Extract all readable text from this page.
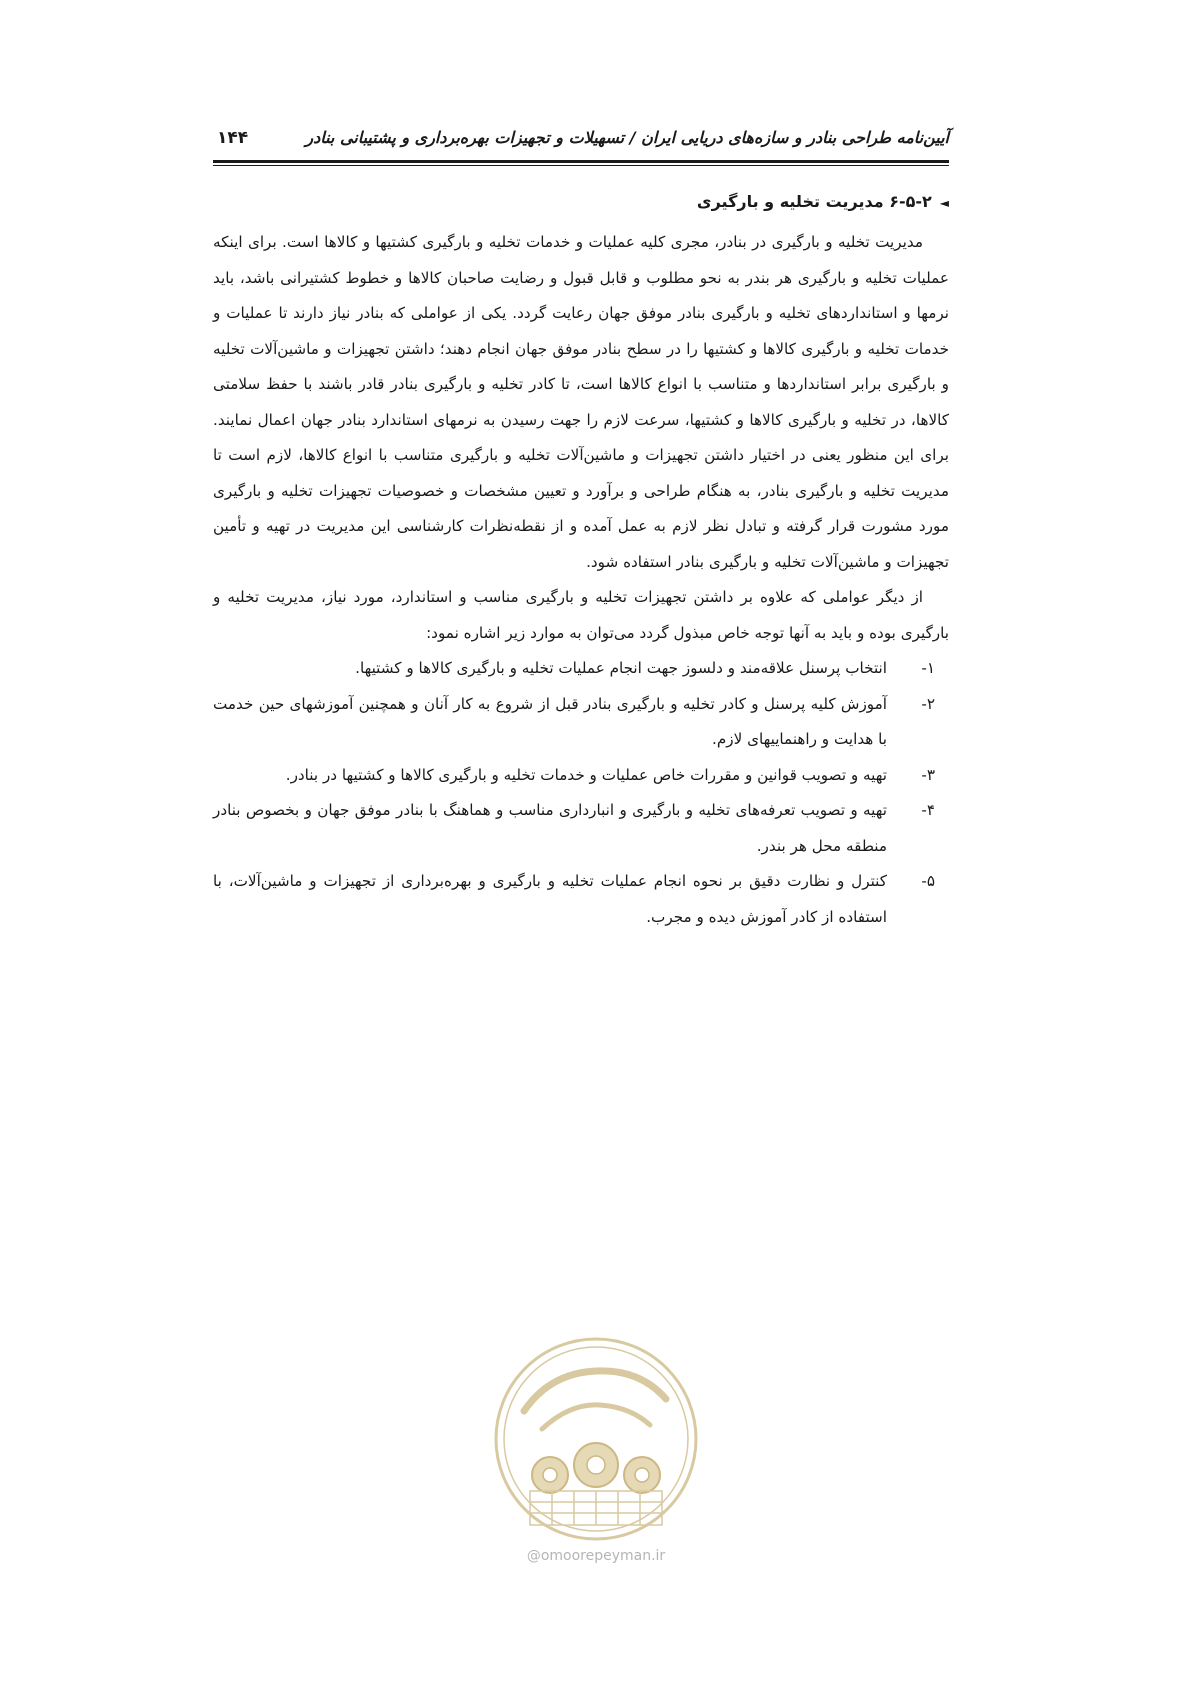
آیین‌نامه طراحی بنادر و سازه‌های دریایی ایران / تسهیلات و تجهیزات بهره‌برداری و پشتیبانی بنادر
۱۴۴
◄۶-۵-۲ مدیریت تخلیه و بارگیری

مدیریت تخلیه و بارگیری در بنادر، مجری کلیه عملیات و خدمات تخلیه و بارگیری کشتیها و کالاها است. برای اینکه عملیات تخلیه و بارگیری هر بندر به نحو مطلوب و قابل قبول و رضایت صاحبان کالاها و خطوط کشتیرانی باشد، باید نرمها و استانداردهای تخلیه و بارگیری بنادر موفق جهان رعایت گردد. یکی از عواملی که بنادر نیاز دارند تا عملیات و خدمات تخلیه و بارگیری کالاها و کشتیها را در سطح بنادر موفق جهان انجام دهند؛ داشتن تجهیزات و ماشین‌آلات تخلیه و بارگیری برابر استانداردها و متناسب با انواع کالاها است، تا کادر تخلیه و بارگیری بنادر قادر باشند با حفظ سلامتی کالاها، در تخلیه و بارگیری کالاها و کشتیها، سرعت لازم را جهت رسیدن به نرمهای استاندارد بنادر جهان اعمال نمایند. برای این منظور یعنی در اختیار داشتن تجهیزات و ماشین‌آلات تخلیه و بارگیری متناسب با انواع کالاها، لازم است تا مدیریت تخلیه و بارگیری بنادر، به هنگام طراحی و برآورد و تعیین مشخصات و خصوصیات تجهیزات تخلیه و بارگیری مورد مشورت قرار گرفته و تبادل نظر لازم به عمل آمده و از نقطه‌نظرات کارشناسی این مدیریت در تهیه و تأمین تجهیزات و ماشین‌آلات تخلیه و بارگیری بنادر استفاده شود.

از دیگر عواملی که علاوه بر داشتن تجهیزات تخلیه و بارگیری مناسب و استاندارد، مورد نیاز، مدیریت تخلیه و بارگیری بوده و باید به آنها توجه خاص مبذول گردد می‌توان به موارد زیر اشاره نمود:

۱-
انتخاب پرسنل علاقه‌مند و دلسوز جهت انجام عملیات تخلیه و بارگیری کالاها و کشتیها.
۲-
آموزش کلیه پرسنل و کادر تخلیه و بارگیری بنادر قبل از شروع به کار آنان و همچنین آموزشهای حین خدمت با هدایت و راهنماییهای لازم.
۳-
تهیه و تصویب قوانین و مقررات خاص عملیات و خدمات تخلیه و بارگیری کالاها و کشتیها در بنادر.
۴-
تهیه و تصویب تعرفه‌های تخلیه و بارگیری و انبارداری مناسب و هماهنگ با بنادر موفق جهان و بخصوص بنادر منطقه محل هر بندر.
۵-
کنترل و نظارت دقیق بر نحوه انجام عملیات تخلیه و بارگیری و بهره‌برداری از تجهیزات و ماشین‌آلات، با استفاده از کادر آموزش دیده و مجرب.
@omoorepeyman.ir
